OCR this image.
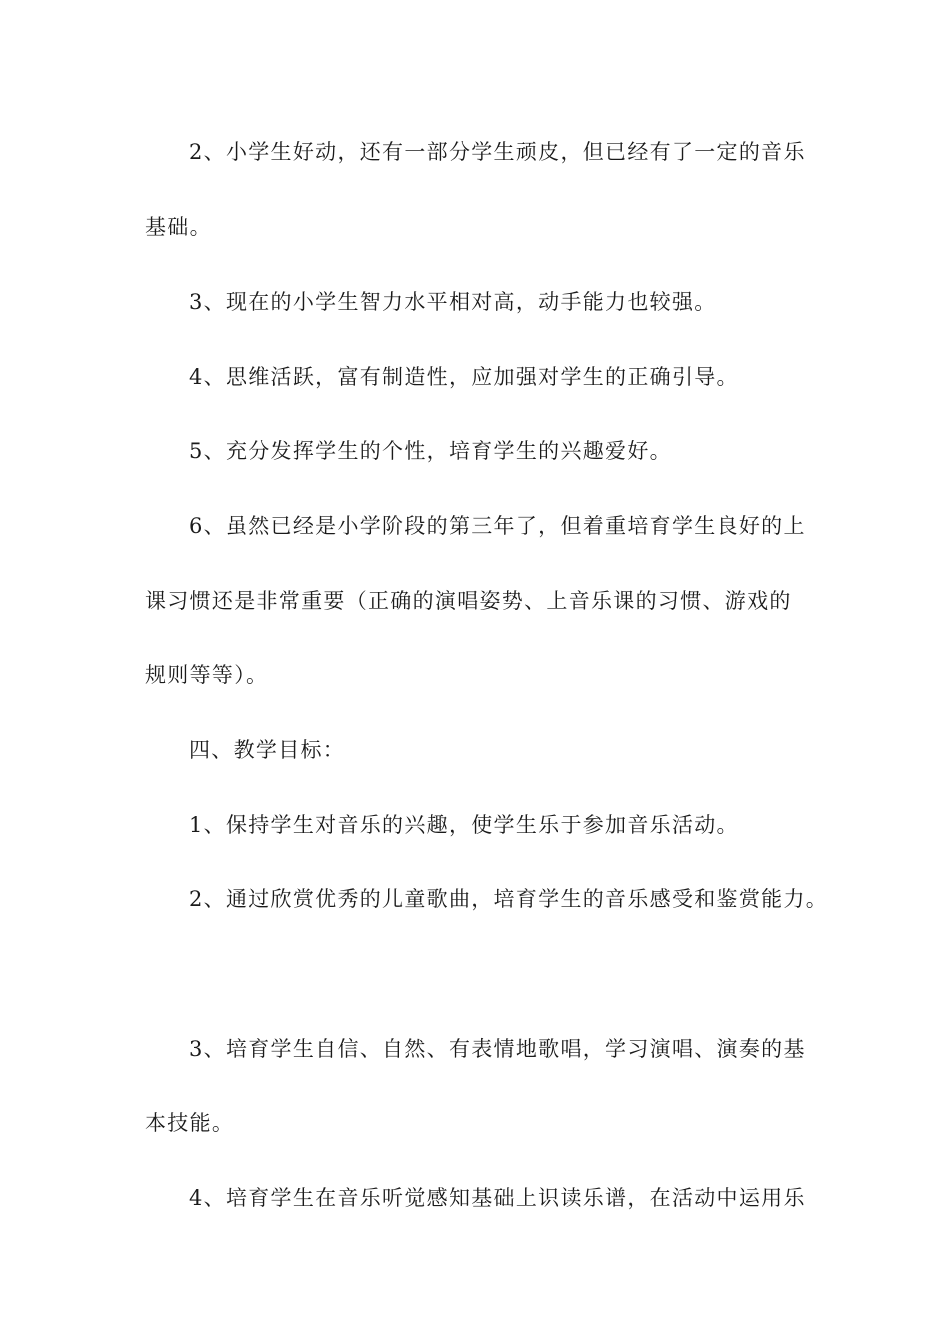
2、小学生好动，还有一部分学生顽皮，但已经有了一定的音乐
基础。
3、现在的小学生智力水平相对高，动手能力也较强。
4、思维活跃，富有制造性，应加强对学生的正确引导。
5、充分发挥学生的个性，培育学生的兴趣爱好。
6、虽然已经是小学阶段的第三年了，但着重培育学生良好的上
课习惯还是非常重要（正确的演唱姿势、上音乐课的习惯、游戏的
规则等等）。
四、教学目标：
1、保持学生对音乐的兴趣，使学生乐于参加音乐活动。
2、通过欣赏优秀的儿童歌曲，培育学生的音乐感受和鉴赏能力。
3、培育学生自信、自然、有表情地歌唱，学习演唱、演奏的基
本技能。
4、培育学生在音乐听觉感知基础上识读乐谱，在活动中运用乐
